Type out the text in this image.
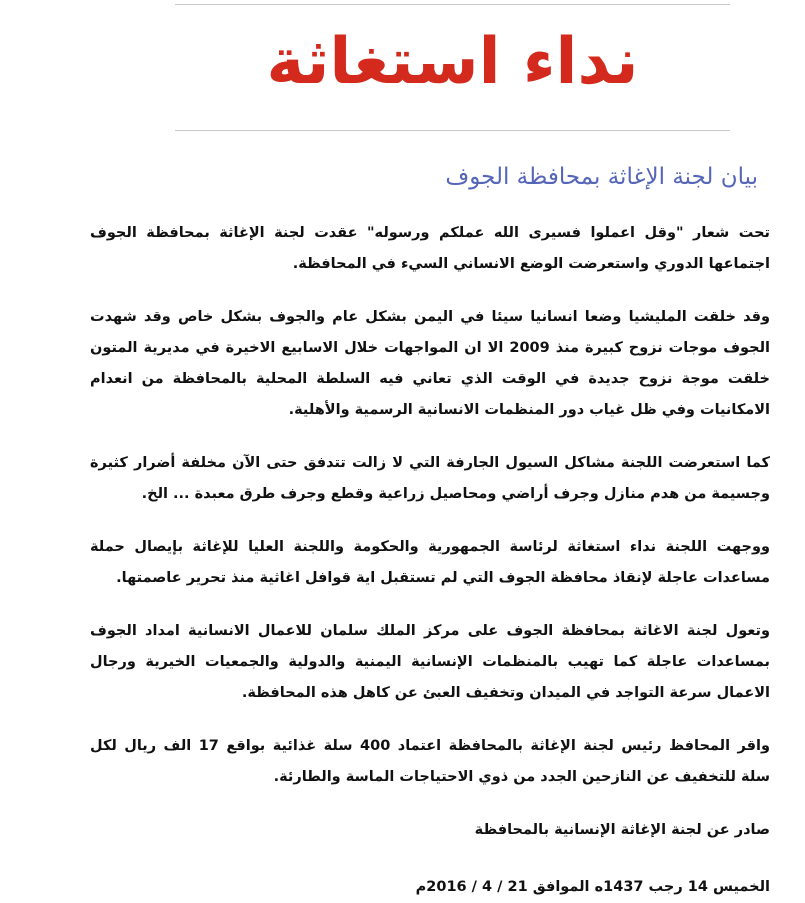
نداء استغاثة
بيان لجنة الإغاثة بمحافظة الجوف

تحت شعار "وقل اعملوا فسيرى الله عملكم ورسوله" عقدت لجنة الإغاثة بمحافظة الجوف اجتماعها الدوري واستعرضت الوضع الانساني السيء في المحافظة.

وقد خلقت المليشيا وضعا انسانيا سيئا في اليمن بشكل عام والجوف بشكل خاص وقد شهدت الجوف موجات نزوح كبيرة منذ 2009 الا ان المواجهات خلال الاسابيع الاخيرة في مديرية المتون خلقت موجة نزوح جديدة في الوقت الذي تعاني فيه السلطة المحلية بالمحافظة من انعدام الامكانيات وفي ظل غياب دور المنظمات الانسانية الرسمية والأهلية.

كما استعرضت اللجنة مشاكل السيول الجارفة التي لا زالت تتدفق حتى الآن مخلفة أضرار كثيرة وجسيمة من هدم منازل وجرف أراضي ومحاصيل زراعية وقطع وجرف طرق معبدة ... الخ.

ووجهت اللجنة نداء استغاثة لرئاسة الجمهورية والحكومة واللجنة العليا للإغاثة بإيصال حملة مساعدات عاجلة لإنقاذ محافظة الجوف التي لم تستقبل اية قوافل اغاثية منذ تحرير عاصمتها.

وتعول لجنة الاغاثة بمحافظة الجوف على مركز الملك سلمان للاعمال الانسانية امداد الجوف بمساعدات عاجلة كما تهيب بالمنظمات الإنسانية اليمنية والدولية والجمعيات الخيرية ورجال الاعمال سرعة التواجد في الميدان وتخفيف العبئ عن كاهل هذه المحافظة.

واقر المحافظ رئيس لجنة الإغاثة بالمحافظة اعتماد 400 سلة غذائية بواقع 17 الف ريال لكل سلة للتخفيف عن النازحين الجدد من ذوي الاحتياجات الماسة والطارئة.

صادر عن لجنة الإغاثة الإنسانية بالمحافظة

الخميس 14 رجب 1437ه الموافق 21 / 4 / 2016م
